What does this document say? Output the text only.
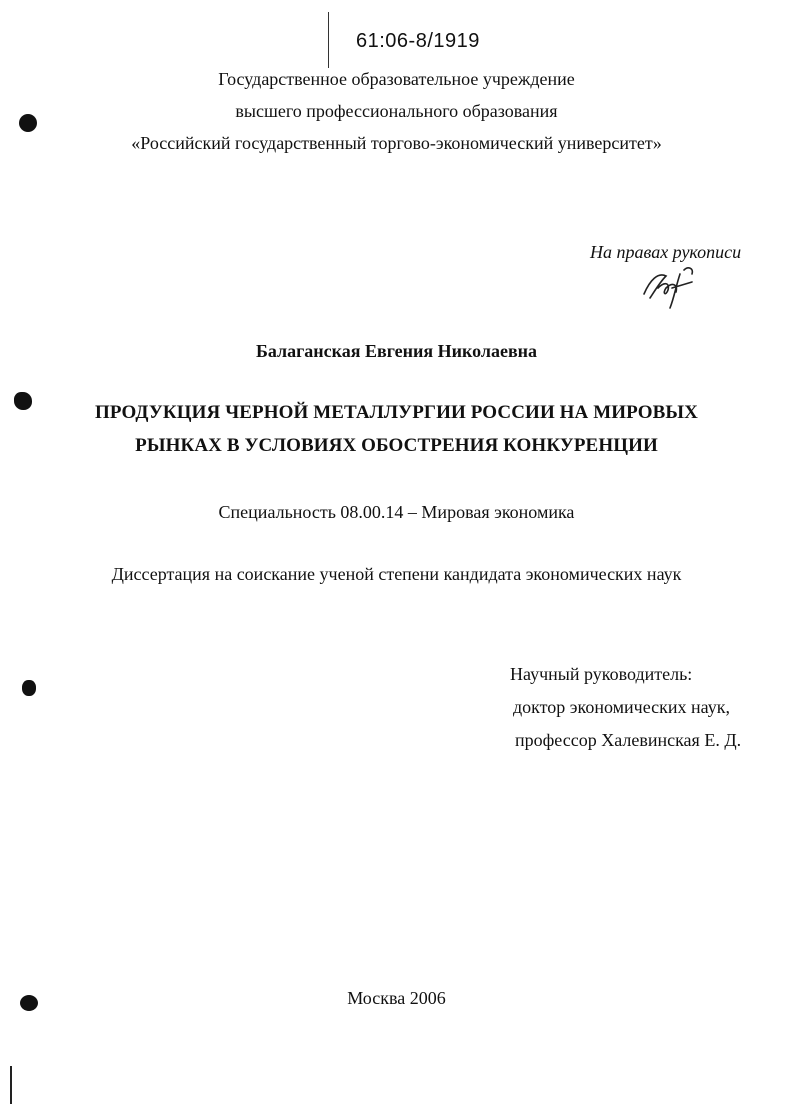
61:06-8/1919
Государственное образовательное учреждение
высшего профессионального образования
«Российский государственный торгово-экономический университет»
На правах рукописи
Балаганская Евгения Николаевна
ПРОДУКЦИЯ ЧЕРНОЙ МЕТАЛЛУРГИИ РОССИИ НА МИРОВЫХ
РЫНКАХ В УСЛОВИЯХ ОБОСТРЕНИЯ КОНКУРЕНЦИИ
Специальность 08.00.14 – Мировая экономика
Диссертация на соискание ученой степени кандидата экономических наук
Научный руководитель:
доктор экономических наук,
профессор Халевинская Е. Д.
Москва 2006
